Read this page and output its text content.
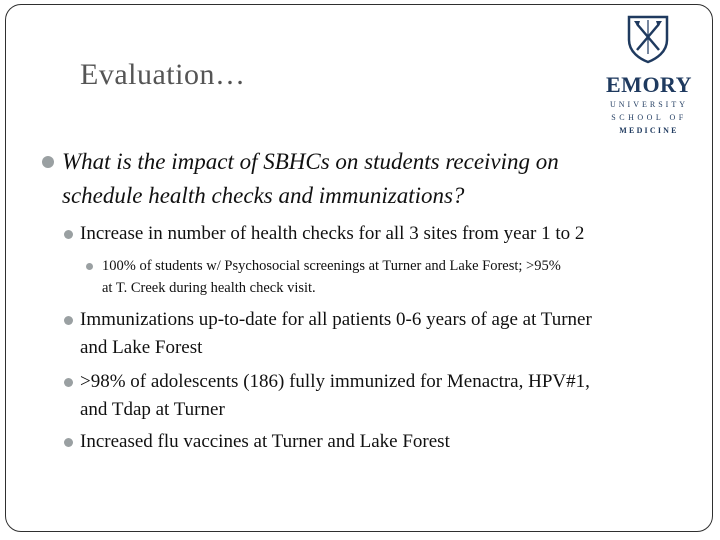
Evaluation…	EMORY
UNIVERSITY
SCHOOL OF
MEDICINE
What is the impact of SBHCs on students receiving on
schedule health checks and immunizations?
Increase in number of health checks for all 3 sites from year 1 to 2
100% of students w/ Psychosocial screenings at Turner and Lake Forest; >95%
at T. Creek during health check visit.
Immunizations up-to-date for all patients 0-6 years of age at Turner
and Lake Forest
>98% of adolescents (186) fully immunized for Menactra, HPV#1,
and Tdap at Turner
Increased flu vaccines at Turner and Lake Forest
